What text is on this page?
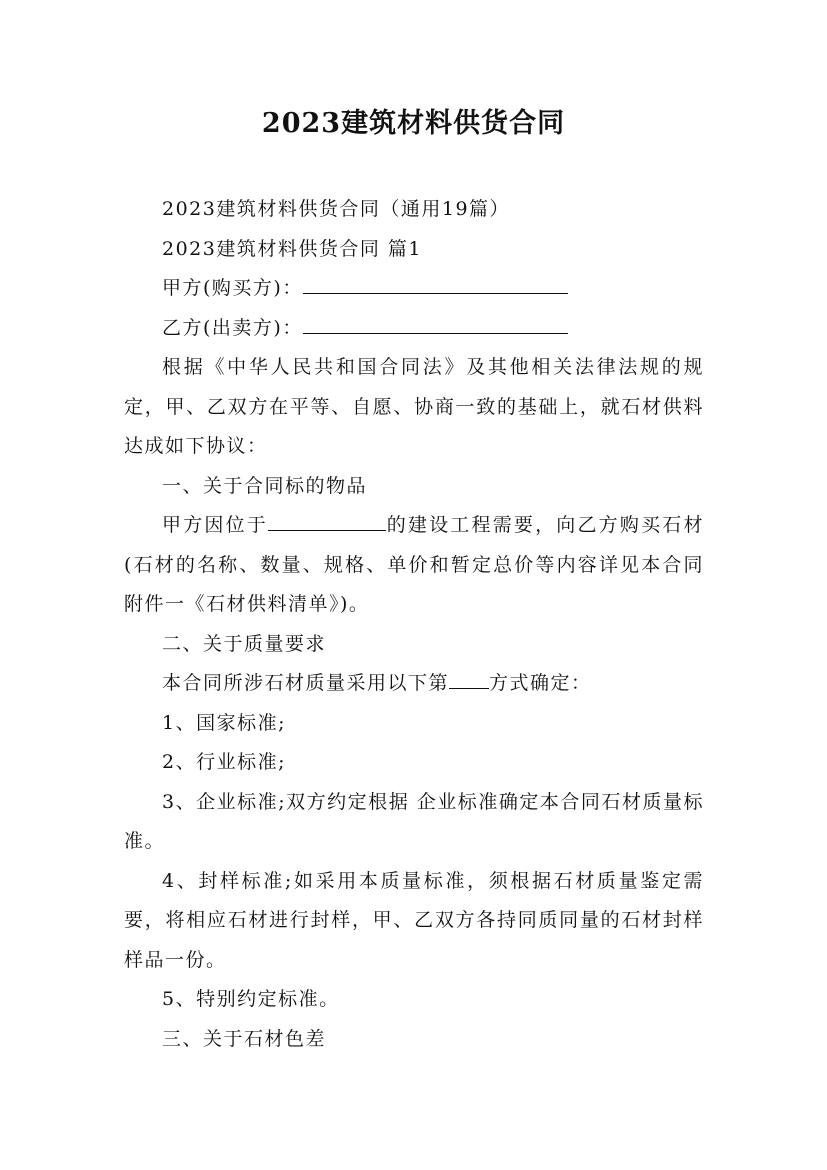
2023建筑材料供货合同

2023建筑材料供货合同（通用19篇）

2023建筑材料供货合同 篇1

甲方(购买方)：

乙方(出卖方)：

根据《中华人民共和国合同法》及其他相关法律法规的规定，甲、乙双方在平等、自愿、协商一致的基础上，就石材供料达成如下协议：

一、关于合同标的物品

甲方因位于	的建设工程需要，向乙方购买石材(石材的名称、数量、规格、单价和暂定总价等内容详见本合同附件一《石材供料清单》)。

二、关于质量要求

本合同所涉石材质量采用以下第 方式确定：

1、国家标准;

2、行业标准;

3、企业标准;双方约定根据 企业标准确定本合同石材质量标准。

4、封样标准;如采用本质量标准，须根据石材质量鉴定需要，将相应石材进行封样，甲、乙双方各持同质同量的石材封样样品一份。

5、特别约定标准。

三、关于石材色差
